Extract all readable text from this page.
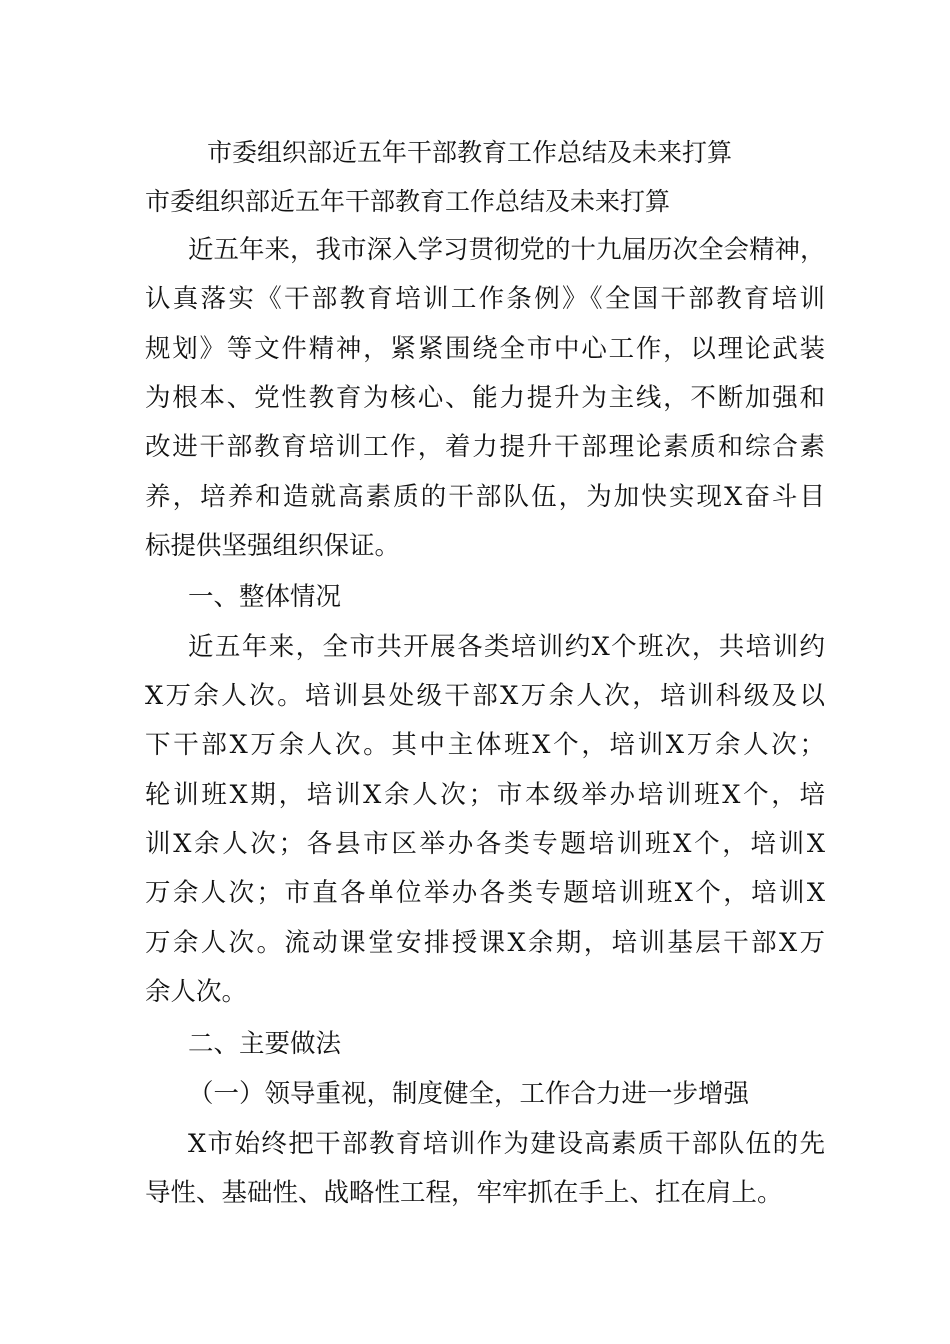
市委组织部近五年干部教育工作总结及未来打算
市委组织部近五年干部教育工作总结及未来打算
近五年来，我市深入学习贯彻党的十九届历次全会精神，
认真落实《干部教育培训工作条例》《全国干部教育培训
规划》等文件精神，紧紧围绕全市中心工作，以理论武装
为根本、党性教育为核心、能力提升为主线，不断加强和
改进干部教育培训工作，着力提升干部理论素质和综合素
养，培养和造就高素质的干部队伍，为加快实现X奋斗目
标提供坚强组织保证。
一、整体情况
近五年来，全市共开展各类培训约X个班次，共培训约
X万余人次。培训县处级干部X万余人次，培训科级及以
下干部X万余人次。其中主体班X个，培训X万余人次；
轮训班X期，培训X余人次；市本级举办培训班X个，培
训X余人次；各县市区举办各类专题培训班X个，培训X
万余人次；市直各单位举办各类专题培训班X个，培训X
万余人次。流动课堂安排授课X余期，培训基层干部X万
余人次。
二、主要做法
（一）领导重视，制度健全，工作合力进一步增强
X市始终把干部教育培训作为建设高素质干部队伍的先
导性、基础性、战略性工程，牢牢抓在手上、扛在肩上。
